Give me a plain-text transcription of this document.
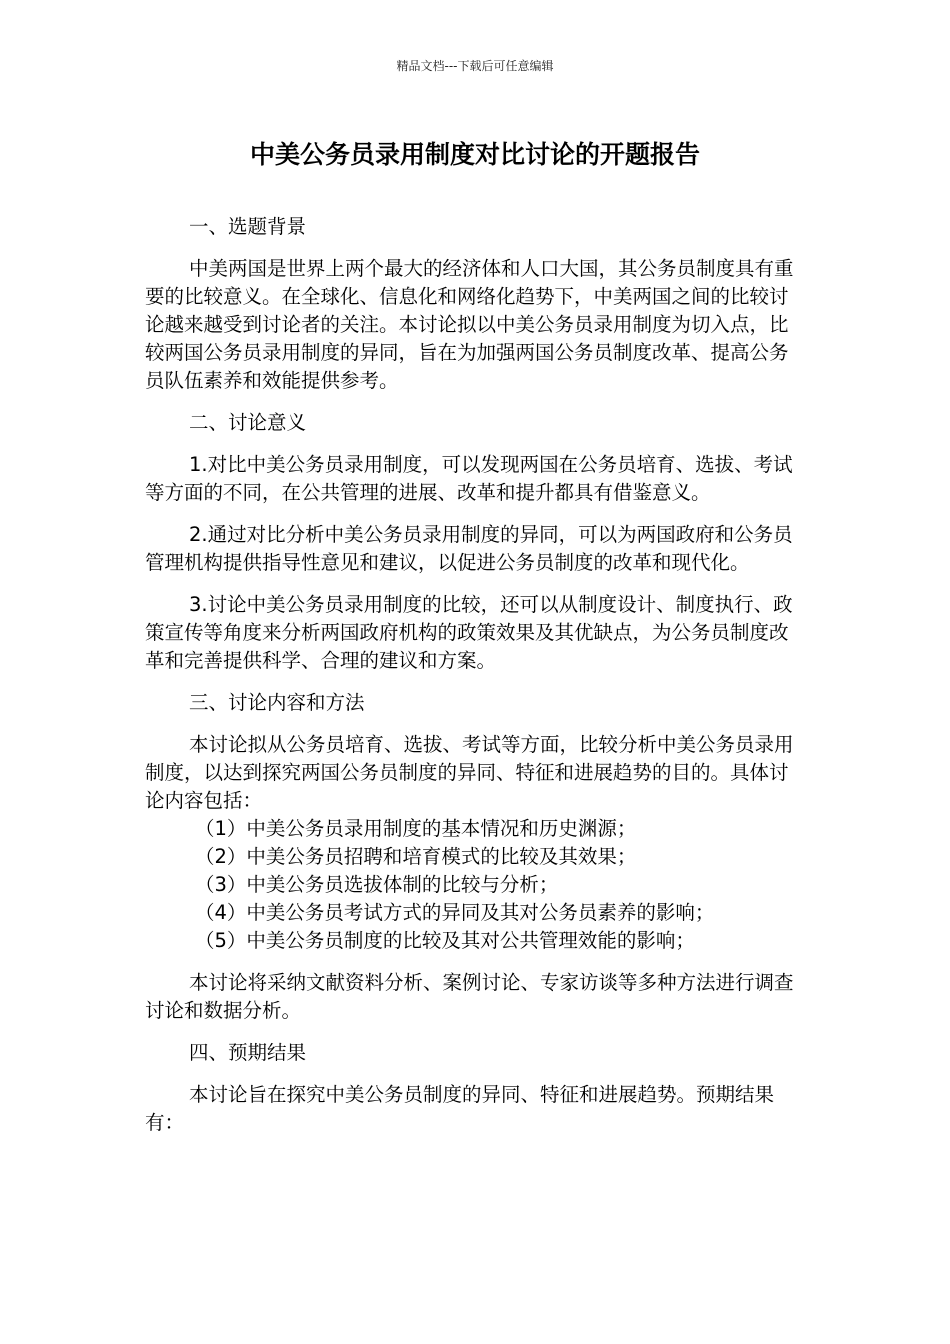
精品文档---下载后可任意编辑
中美公务员录用制度对比讨论的开题报告

一、选题背景

中美两国是世界上两个最大的经济体和人口大国，其公务员制度具有重要的比较意义。在全球化、信息化和网络化趋势下，中美两国之间的比较讨论越来越受到讨论者的关注。本讨论拟以中美公务员录用制度为切入点，比较两国公务员录用制度的异同，旨在为加强两国公务员制度改革、提高公务员队伍素养和效能提供参考。

二、讨论意义

1.对比中美公务员录用制度，可以发现两国在公务员培育、选拔、考试等方面的不同，在公共管理的进展、改革和提升都具有借鉴意义。

2.通过对比分析中美公务员录用制度的异同，可以为两国政府和公务员管理机构提供指导性意见和建议，以促进公务员制度的改革和现代化。

3.讨论中美公务员录用制度的比较，还可以从制度设计、制度执行、政策宣传等角度来分析两国政府机构的政策效果及其优缺点，为公务员制度改革和完善提供科学、合理的建议和方案。

三、讨论内容和方法

本讨论拟从公务员培育、选拔、考试等方面，比较分析中美公务员录用制度，以达到探究两国公务员制度的异同、特征和进展趋势的目的。具体讨论内容包括：

（1）中美公务员录用制度的基本情况和历史渊源；
（2）中美公务员招聘和培育模式的比较及其效果；
（3）中美公务员选拔体制的比较与分析；
（4）中美公务员考试方式的异同及其对公务员素养的影响；
（5）中美公务员制度的比较及其对公共管理效能的影响；

本讨论将采纳文献资料分析、案例讨论、专家访谈等多种方法进行调查讨论和数据分析。

四、预期结果

本讨论旨在探究中美公务员制度的异同、特征和进展趋势。预期结果有：
